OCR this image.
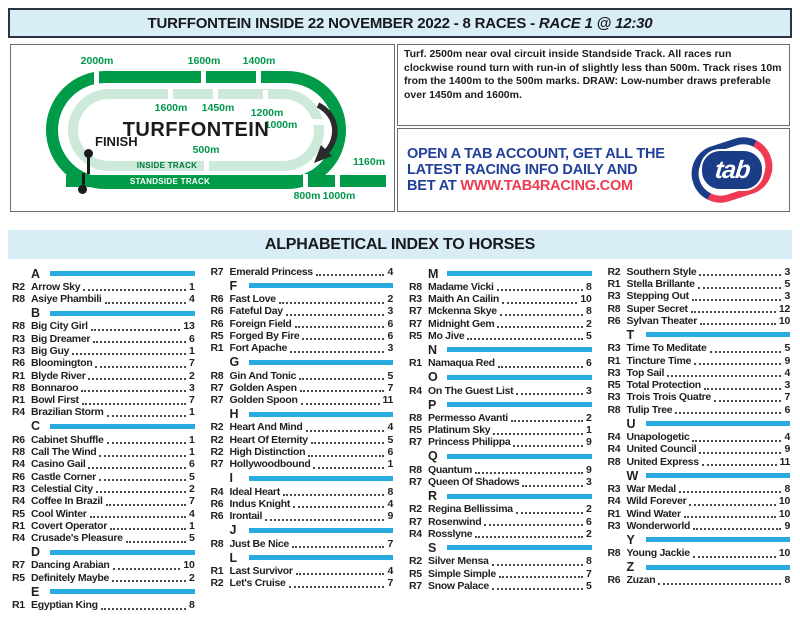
TURFFONTEIN INSIDE 22 NOVEMBER 2022 - 8 RACES - RACE 1 @ 12:30
2000m	1600m	1400m
1600m	1450m	1200m
1000m
500m
TURFFONTEIN
FINISH
INSIDE TRACK
STANDSIDE TRACK
1160m
800m 1000m
Turf. 2500m near oval circuit inside Standside Track. All races run clockwise round turn with run-in of slightly less than 500m. Track rises 10m from the 1400m to the 500m marks. DRAW: Low-number draws preferable over 1450m and 1600m.
OPEN A TAB ACCOUNT, GET ALL THE
LATEST RACING INFO DAILY AND
BET AT WWW.TAB4RACING.COM
tab
ALPHABETICAL INDEX TO HORSES
A
R2 Arrow Sky	1
R8 Asiye Phambili	4
B
R8 Big City Girl	13
R3 Big Dreamer	6
R3 Big Guy	1
R6 Bloomington	7
R1 Blyde River	2
R8 Bonnaroo	3
R1 Bowl First	7
R4 Brazilian Storm	1
C
R6 Cabinet Shuffle	1
R8 Call The Wind	1
R4 Casino Gail	6
R6 Castle Corner	5
R3 Celestial City	2
R4 Coffee In Brazil	7
R5 Cool Winter	4
R1 Covert Operator	1
R4 Crusade's Pleasure	5
D
R7 Dancing Arabian	10
R5 Definitely Maybe	2
E
R1 Egyptian King	8
R7 Emerald Princess	4
F
R6 Fast Love	2
R6 Fateful Day	3
R6 Foreign Field	6
R5 Forged By Fire	6
R1 Fort Apache	3
G
R8 Gin And Tonic	5
R7 Golden Aspen	7
R7 Golden Spoon	11
H
R2 Heart And Mind	4
R2 Heart Of Eternity	5
R2 High Distinction	6
R7 Hollywoodbound	1
I
R4 Ideal Heart	8
R6 Indus Knight	4
R6 Irontail	9
J
R8 Just Be Nice	7
L
R1 Last Survivor	4
R2 Let's Cruise	7
M
R8 Madame Vicki	8
R3 Maith An Cailin	10
R7 Mckenna Skye	8
R7 Midnight Gem	2
R5 Mo Jive	5
N
R1 Namaqua Red	6
O
R4 On The Guest List	3
P
R8 Permesso Avanti	2
R5 Platinum Sky	1
R7 Princess Philippa	9
Q
R8 Quantum	9
R7 Queen Of Shadows	3
R
R2 Regina Bellissima	2
R7 Rosenwind	6
R4 Rosslyne	2
S
R2 Silver Mensa	8
R5 Simple Simple	7
R7 Snow Palace	5
R2 Southern Style	3
R1 Stella Brillante	5
R3 Stepping Out	3
R8 Super Secret	12
R6 Sylvan Theater	10
T
R3 Time To Meditate	5
R1 Tincture Time	9
R3 Top Sail	4
R5 Total Protection	3
R3 Trois Trois Quatre	7
R8 Tulip Tree	6
U
R4 Unapologetic	4
R4 United Council	9
R8 United Express	11
W
R3 War Medal	8
R4 Wild Forever	10
R1 Wind Water	10
R3 Wonderworld	9
Y
R8 Young Jackie	10
Z
R6 Zuzan	8
